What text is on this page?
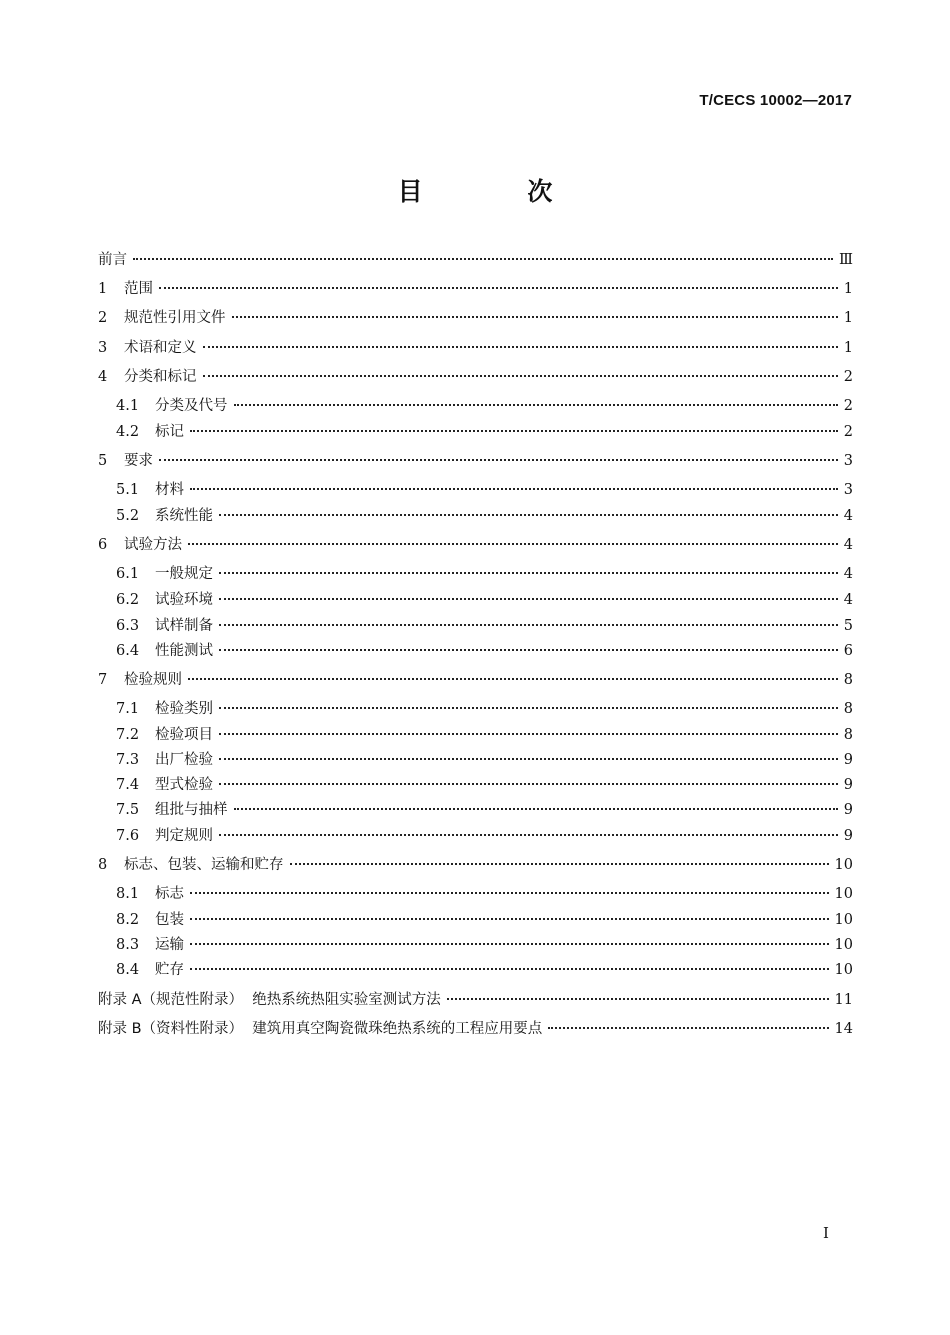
T/CECS 10002—2017
目 次
前言	Ⅲ
1	范围	1
2	规范性引用文件	1
3	术语和定义	1
4	分类和标记	2
4.1	分类及代号	2
4.2	标记	2
5	要求	3
5.1	材料	3
5.2	系统性能	4
6	试验方法	4
6.1	一般规定	4
6.2	试验环境	4
6.3	试样制备	5
6.4	性能测试	6
7	检验规则	8
7.1	检验类别	8
7.2	检验项目	8
7.3	出厂检验	9
7.4	型式检验	9
7.5	组批与抽样	9
7.6	判定规则	9
8	标志、包装、运输和贮存	10
8.1	标志	10
8.2	包装	10
8.3	运输	10
8.4	贮存	10
附录 A（规范性附录）  绝热系统热阻实验室测试方法	11
附录 B（资料性附录）  建筑用真空陶瓷微珠绝热系统的工程应用要点	14
I
